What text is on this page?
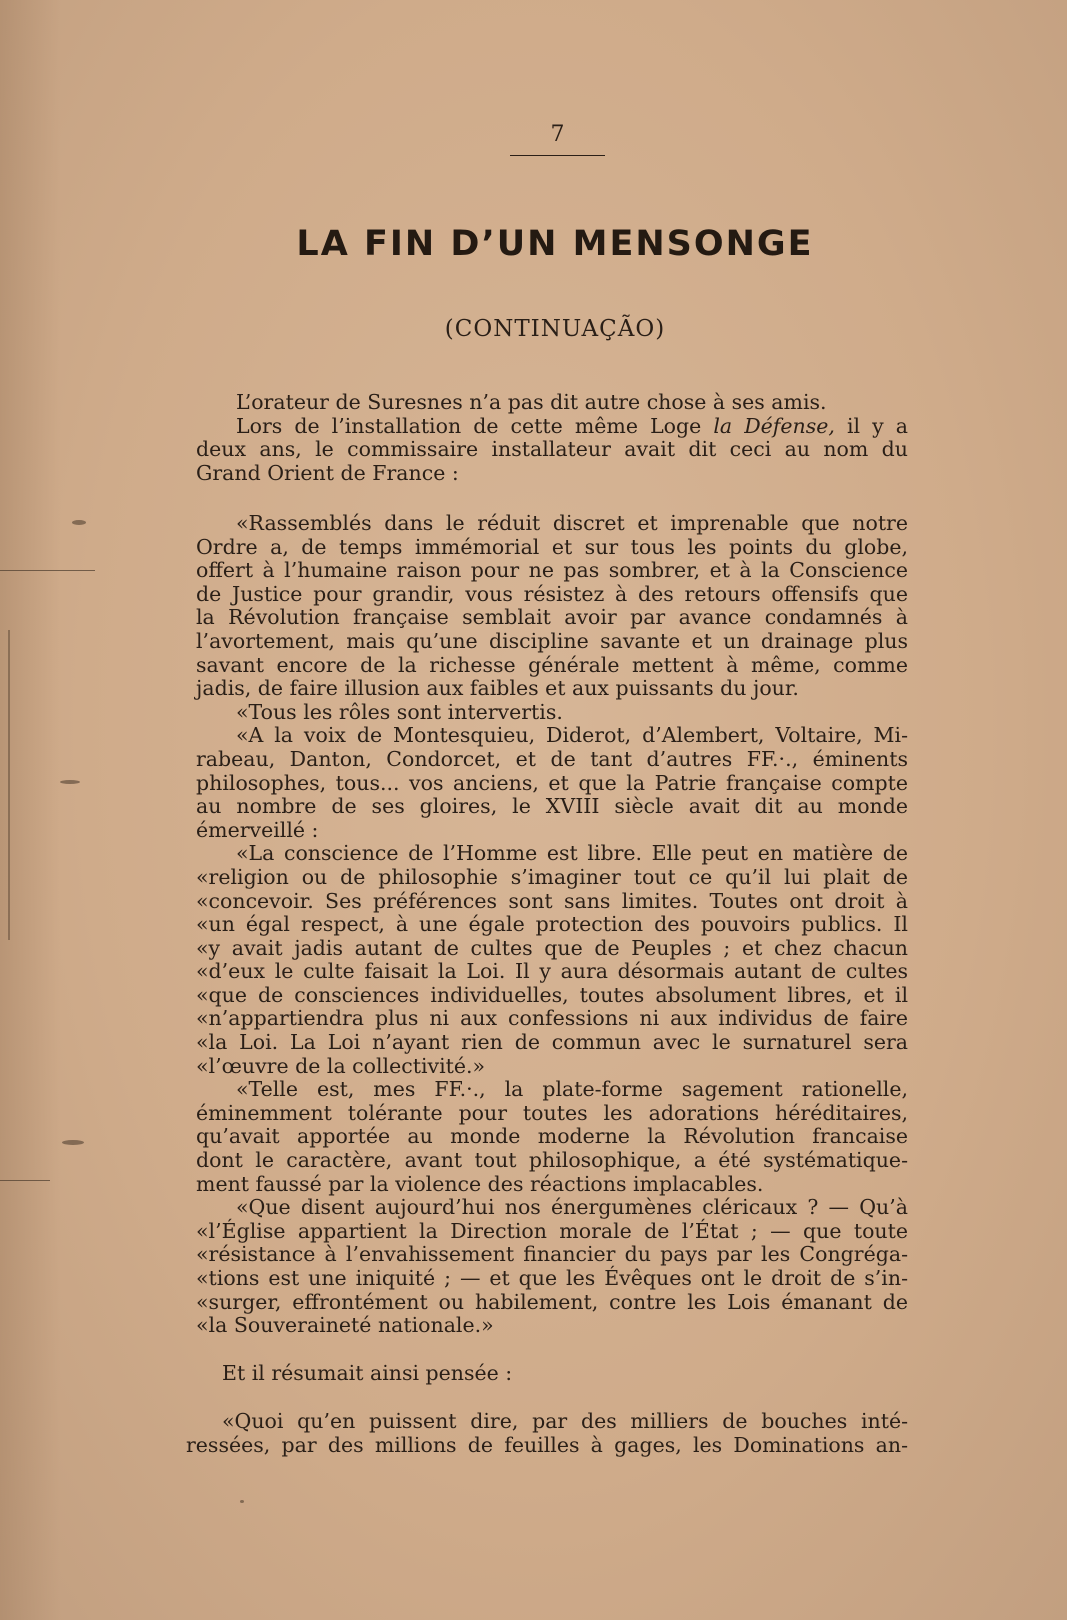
7
LA FIN D’UN MENSONGE
(CONTINUAÇÃO)
L’orateur de Suresnes n’a pas dit autre chose à ses amis.
Lors de l’installation de cette même Loge la Défense, il y a
deux ans, le commissaire installateur avait dit ceci au nom du
Grand Orient de France :
«Rassemblés dans le réduit discret et imprenable que notre
Ordre a, de temps immémorial et sur tous les points du globe,
offert à l’humaine raison pour ne pas sombrer, et à la Conscience
de Justice pour grandir, vous résistez à des retours offensifs que
la Révolution française semblait avoir par avance condamnés à
l’avortement, mais qu’une discipline savante et un drainage plus
savant encore de la richesse générale mettent à même, comme
jadis, de faire illusion aux faibles et aux puissants du jour.
«Tous les rôles sont intervertis.
«A la voix de Montesquieu, Diderot, d’Alembert, Voltaire, Mi-
rabeau, Danton, Condorcet, et de tant d’autres FF.·., éminents
philosophes, tous... vos anciens, et que la Patrie française compte
au nombre de ses gloires, le XVIII siècle avait dit au monde
émerveillé :
«La conscience de l’Homme est libre. Elle peut en matière de
«religion ou de philosophie s’imaginer tout ce qu’il lui plait de
«concevoir. Ses préférences sont sans limites. Toutes ont droit à
«un égal respect, à une égale protection des pouvoirs publics. Il
«y avait jadis autant de cultes que de Peuples ; et chez chacun
«d’eux le culte faisait la Loi. Il y aura désormais autant de cultes
«que de consciences individuelles, toutes absolument libres, et il
«n’appartiendra plus ni aux confessions ni aux individus de faire
«la Loi. La Loi n’ayant rien de commun avec le surnaturel sera
«l’œuvre de la collectivité.»
«Telle est, mes FF.·., la plate-forme sagement rationelle,
éminemment tolérante pour toutes les adorations héréditaires,
qu’avait apportée au monde moderne la Révolution francaise
dont le caractère, avant tout philosophique, a été systématique-
ment faussé par la violence des réactions implacables.
«Que disent aujourd’hui nos énergumènes cléricaux ? — Qu’à
«l’Église appartient la Direction morale de l’État ; — que toute
«résistance à l’envahissement financier du pays par les Congréga-
«tions est une iniquité ; — et que les Évêques ont le droit de s’in-
«surger, effrontément ou habilement, contre les Lois émanant de
«la Souveraineté nationale.»
Et il résumait ainsi pensée :
«Quoi qu’en puissent dire, par des milliers de bouches inté-
ressées, par des millions de feuilles à gages, les Dominations an-
